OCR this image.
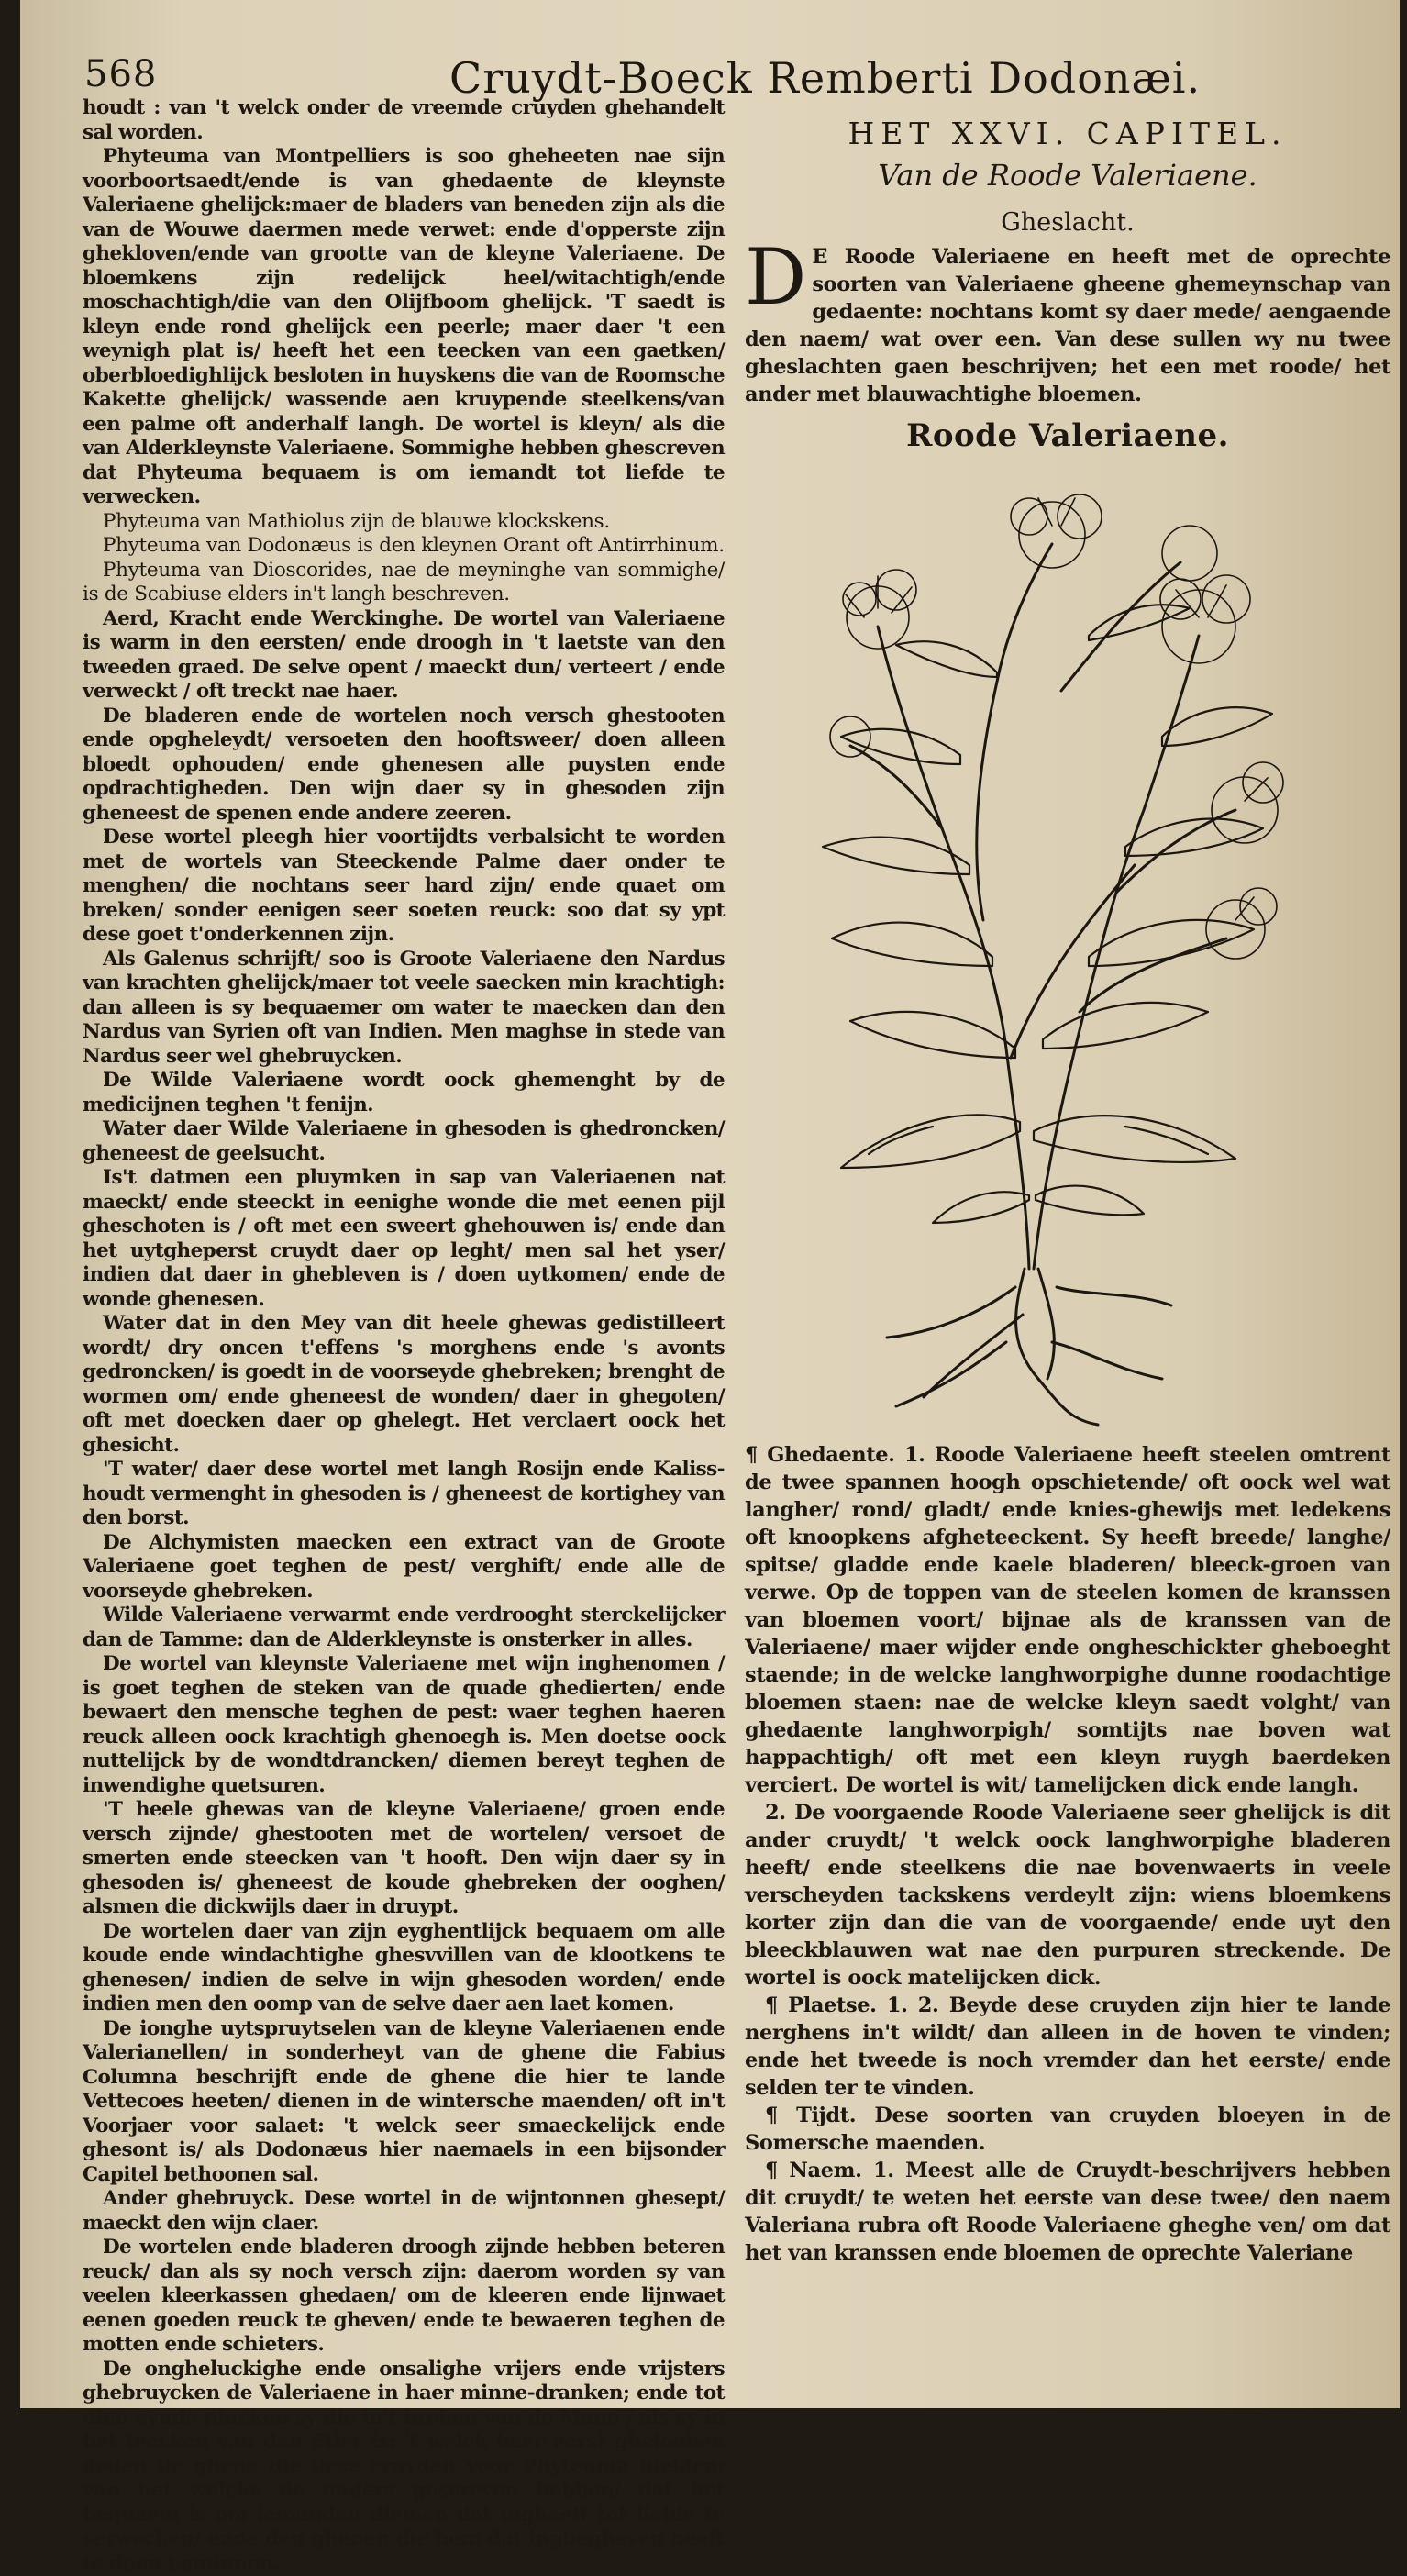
568	Cruydt-Boeck Remberti Dodonæi.

houdt : van 't welck onder de vreemde cruyden ghehandelt sal worden.

Phyteuma van Montpelliers is soo gheheeten nae sijn voorboortsaedt/ende is van ghedaente de kleynste Valeriaene ghelijck:maer de bladers van beneden zijn als die van de Wouwe daermen mede verwet: ende d'opperste zijn ghekloven/ende van grootte van de kleyne Valeriaene. De bloemkens zijn redelijck heel/witachtigh/ende moschachtigh/die van den Olijfboom ghelijck. 'T saedt is kleyn ende rond ghelijck een peerle; maer daer 't een weynigh plat is/ heeft het een teecken van een gaetken/ oberbloedighlijck besloten in huyskens die van de Roomsche Kakette ghelijck/ wassende aen kruypende steelkens/van een palme oft anderhalf langh. De wortel is kleyn/ als die van Alderkleynste Valeriaene. Sommighe hebben ghescreven dat Phyteuma bequaem is om iemandt tot liefde te verwecken.

Phyteuma van Mathiolus zijn de blauwe klockskens.

Phyteuma van Dodonæus is den kleynen Orant oft Antirrhinum.

Phyteuma van Dioscorides, nae de meyninghe van sommighe/ is de Scabiuse elders in't langh beschreven.

Aerd, Kracht ende Werckinghe. De wortel van Valeriaene is warm in den eersten/ ende droogh in 't laetste van den tweeden graed. De selve opent / maeckt dun/ verteert / ende verweckt / oft treckt nae haer.

De bladeren ende de wortelen noch versch ghestooten ende opgheleydt/ versoeten den hooftsweer/ doen alleen bloedt ophouden/ ende ghenesen alle puysten ende opdrachtigheden. Den wijn daer sy in ghesoden zijn gheneest de spenen ende andere zeeren.

Dese wortel pleegh hier voortijdts verbalsicht te worden met de wortels van Steeckende Palme daer onder te menghen/ die nochtans seer hard zijn/ ende quaet om breken/ sonder eenigen seer soeten reuck: soo dat sy ypt dese goet t'onderkennen zijn.

Als Galenus schrijft/ soo is Groote Valeriaene den Nardus van krachten ghelijck/maer tot veele saecken min krachtigh: dan alleen is sy bequaemer om water te maecken dan den Nardus van Syrien oft van Indien. Men maghse in stede van Nardus seer wel ghebruycken.

De Wilde Valeriaene wordt oock ghemenght by de medicijnen teghen 't fenijn.

Water daer Wilde Valeriaene in ghesoden is ghedroncken/ gheneest de geelsucht.

Is't datmen een pluymken in sap van Valeriaenen nat maeckt/ ende steeckt in eenighe wonde die met eenen pijl gheschoten is / oft met een sweert ghehouwen is/ ende dan het uytgheperst cruydt daer op leght/ men sal het yser/ indien dat daer in ghebleven is / doen uytkomen/ ende de wonde ghenesen.

Water dat in den Mey van dit heele ghewas gedistilleert wordt/ dry oncen t'effens 's morghens ende 's avonts gedroncken/ is goedt in de voorseyde ghebreken; brenght de wormen om/ ende gheneest de wonden/ daer in ghegoten/ oft met doecken daer op ghelegt. Het verclaert oock het ghesicht.

'T water/ daer dese wortel met langh Rosijn ende Kaliss-houdt vermenght in ghesoden is / gheneest de kortighey van den borst.

De Alchymisten maecken een extract van de Groote Valeriaene goet teghen de pest/ verghift/ ende alle de voorseyde ghebreken.

Wilde Valeriaene verwarmt ende verdrooght sterckelijcker dan de Tamme: dan de Alderkleynste is onsterker in alles.

De wortel van kleynste Valeriaene met wijn inghenomen / is goet teghen de steken van de quade ghedierten/ ende bewaert den mensche teghen de pest: waer teghen haeren reuck alleen oock krachtigh ghenoegh is. Men doetse oock nuttelijck by de wondtdrancken/ diemen bereyt teghen de inwendighe quetsuren.

'T heele ghewas van de kleyne Valeriaene/ groen ende versch zijnde/ ghestooten met de wortelen/ versoet de smerten ende steecken van 't hooft. Den wijn daer sy in ghesoden is/ gheneest de koude ghebreken der ooghen/ alsmen die dickwijls daer in druypt.

De wortelen daer van zijn eyghentlijck bequaem om alle koude ende windachtighe ghesvvillen van de klootkens te ghenesen/ indien de selve in wijn ghesoden worden/ ende indien men den oomp van de selve daer aen laet komen.

De ionghe uytspruytselen van de kleyne Valeriaenen ende Valerianellen/ in sonderheyt van de ghene die Fabius Columna beschrijft ende de ghene die hier te lande Vettecoes heeten/ dienen in de wintersche maenden/ oft in't Voorjaer voor salaet: 't welck seer smaeckelijck ende ghesont is/ als Dodonæus hier naemaels in een bijsonder Capitel bethoonen sal.

Ander ghebruyck. Dese wortel in de wijntonnen ghesept/ maeckt den wijn claer.

De wortelen ende bladeren droogh zijnde hebben beteren reuck/ dan als sy noch versch zijn: daerom worden sy van veelen kleerkassen ghedaen/ om de kleeren ende lijnwaet eenen goeden reuck te gheven/ ende te bewaeren teghen de motten ende schieters.

De ongheluckighe ende onsalighe vrijers ende vrijsters ghebruycken de Valeriaene in haer minne-dranken; ende tot dien eynde plucken sy die in't breken van de Mane / als sy in het teecken van den Stier is: 't welck haer eerst ghelooben deden de ghene die dese cruyden voor Phyteuma hielden: van het welcke de ouders gescreven hebben/ dat het bequaem is om iemanden diemen dat ingheeft tot liefde te verwecken/ ende den ghenen die hem dat inghegheven heeft te doen beminnen.

HET XXVI. CAPITEL.

Van de Roode Valeriaene.

Gheslacht.

D E Roode Valeriaene en heeft met de oprechte soorten van Valeriaene gheene ghemeynschap van gedaente: nochtans komt sy daer mede/ aengaende den naem/ wat over een. Van dese sullen wy nu twee gheslachten gaen beschrijven; het een met roode/ het ander met blauwachtighe bloemen.

Roode Valeriaene.

¶ Ghedaente. 1. Roode Valeriaene heeft steelen omtrent de twee spannen hoogh opschietende/ oft oock wel wat langher/ rond/ gladt/ ende knies-ghewijs met ledekens oft knoopkens afgheteeckent. Sy heeft breede/ langhe/ spitse/ gladde ende kaele bladeren/ bleeck-groen van verwe. Op de toppen van de steelen komen de kranssen van bloemen voort/ bijnae als de kranssen van de Valeriaene/ maer wijder ende ongheschickter gheboeght staende; in de welcke langhworpighe dunne roodachtige bloemen staen: nae de welcke kleyn saedt volght/ van ghedaente langhworpigh/ somtijts nae boven wat happachtigh/ oft met een kleyn ruygh baerdeken verciert. De wortel is wit/ tamelijcken dick ende langh.

2. De voorgaende Roode Valeriaene seer ghelijck is dit ander cruydt/ 't welck oock langhworpighe bladeren heeft/ ende steelkens die nae bovenwaerts in veele verscheyden tackskens verdeylt zijn: wiens bloemkens korter zijn dan die van de voorgaende/ ende uyt den bleeckblauwen wat nae den purpuren streckende. De wortel is oock matelijcken dick.

¶ Plaetse. 1. 2. Beyde dese cruyden zijn hier te lande nerghens in't wildt/ dan alleen in de hoven te vinden; ende het tweede is noch vremder dan het eerste/ ende selden ter te vinden.

¶ Tijdt. Dese soorten van cruyden bloeyen in de Somersche maenden.

¶ Naem. 1. Meest alle de Cruydt-beschrijvers hebben dit cruydt/ te weten het eerste van dese twee/ den naem Valeriana rubra oft Roode Valeriaene gheghe ven/ om dat het van kranssen ende bloemen de oprechte Valeriane
